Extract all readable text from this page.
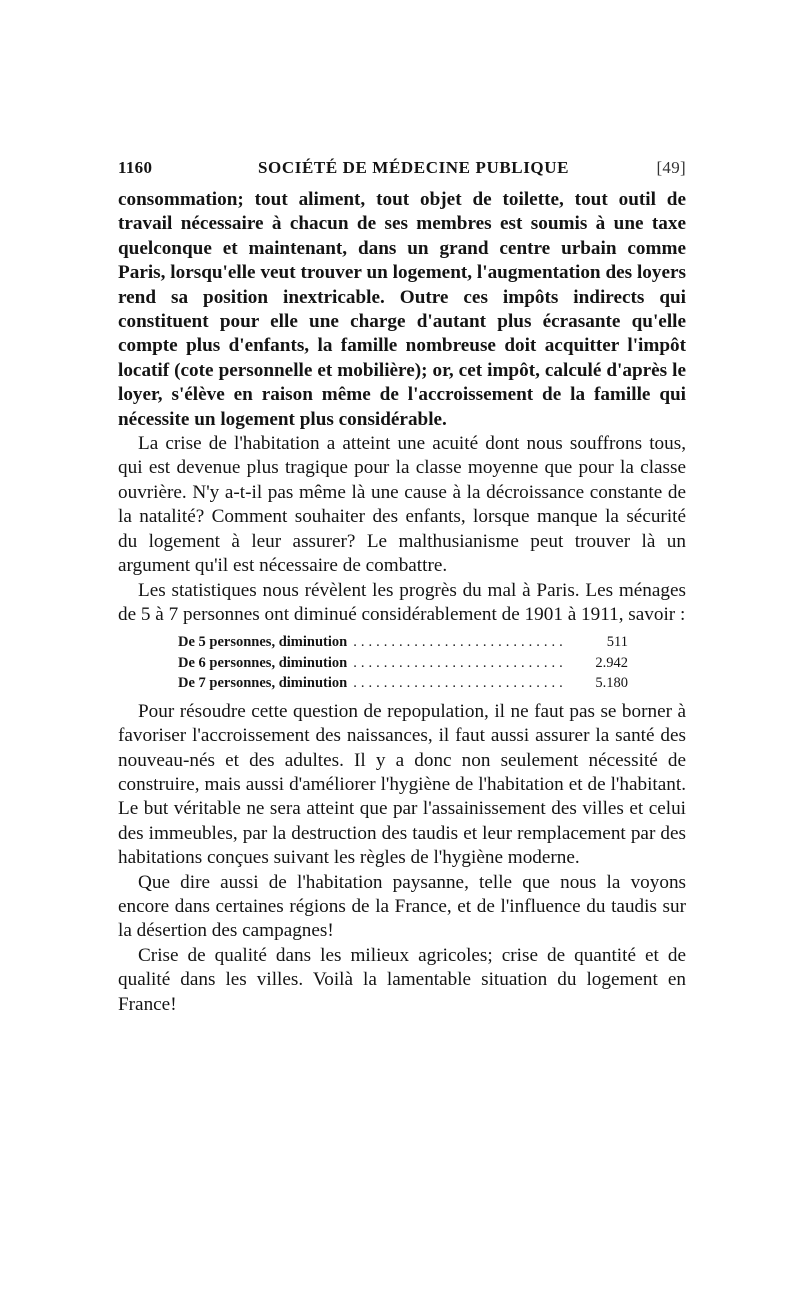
1160	SOCIÉTÉ DE MÉDECINE PUBLIQUE	[49]

consommation; tout aliment, tout objet de toilette, tout outil de travail nécessaire à chacun de ses membres est soumis à une taxe quelconque et maintenant, dans un grand centre urbain comme Paris, lorsqu'elle veut trouver un logement, l'augmentation des loyers rend sa position inextricable. Outre ces impôts indirects qui constituent pour elle une charge d'autant plus écrasante qu'elle compte plus d'enfants, la famille nombreuse doit acquitter l'impôt locatif (cote personnelle et mobilière); or, cet impôt, calculé d'après le loyer, s'élève en raison même de l'accroissement de la famille qui nécessite un logement plus considérable.

La crise de l'habitation a atteint une acuité dont nous souffrons tous, qui est devenue plus tragique pour la classe moyenne que pour la classe ouvrière. N'y a-t-il pas même là une cause à la décroissance constante de la natalité? Comment souhaiter des enfants, lorsque manque la sécurité du logement à leur assurer? Le malthusianisme peut trouver là un argument qu'il est nécessaire de combattre.

Les statistiques nous révèlent les progrès du mal à Paris. Les ménages de 5 à 7 personnes ont diminué considérablement de 1901 à 1911, savoir :

De 5 personnes, diminution ............................	511
De 6 personnes, diminution ............................	2.942
De 7 personnes, diminution ............................	5.180

Pour résoudre cette question de repopulation, il ne faut pas se borner à favoriser l'accroissement des naissances, il faut aussi assurer la santé des nouveau-nés et des adultes. Il y a donc non seulement nécessité de construire, mais aussi d'améliorer l'hygiène de l'habitation et de l'habitant. Le but véritable ne sera atteint que par l'assainissement des villes et celui des immeubles, par la destruction des taudis et leur remplacement par des habitations conçues suivant les règles de l'hygiène moderne.

Que dire aussi de l'habitation paysanne, telle que nous la voyons encore dans certaines régions de la France, et de l'influence du taudis sur la désertion des campagnes!

Crise de qualité dans les milieux agricoles; crise de quantité et de qualité dans les villes. Voilà la lamentable situation du logement en France!
